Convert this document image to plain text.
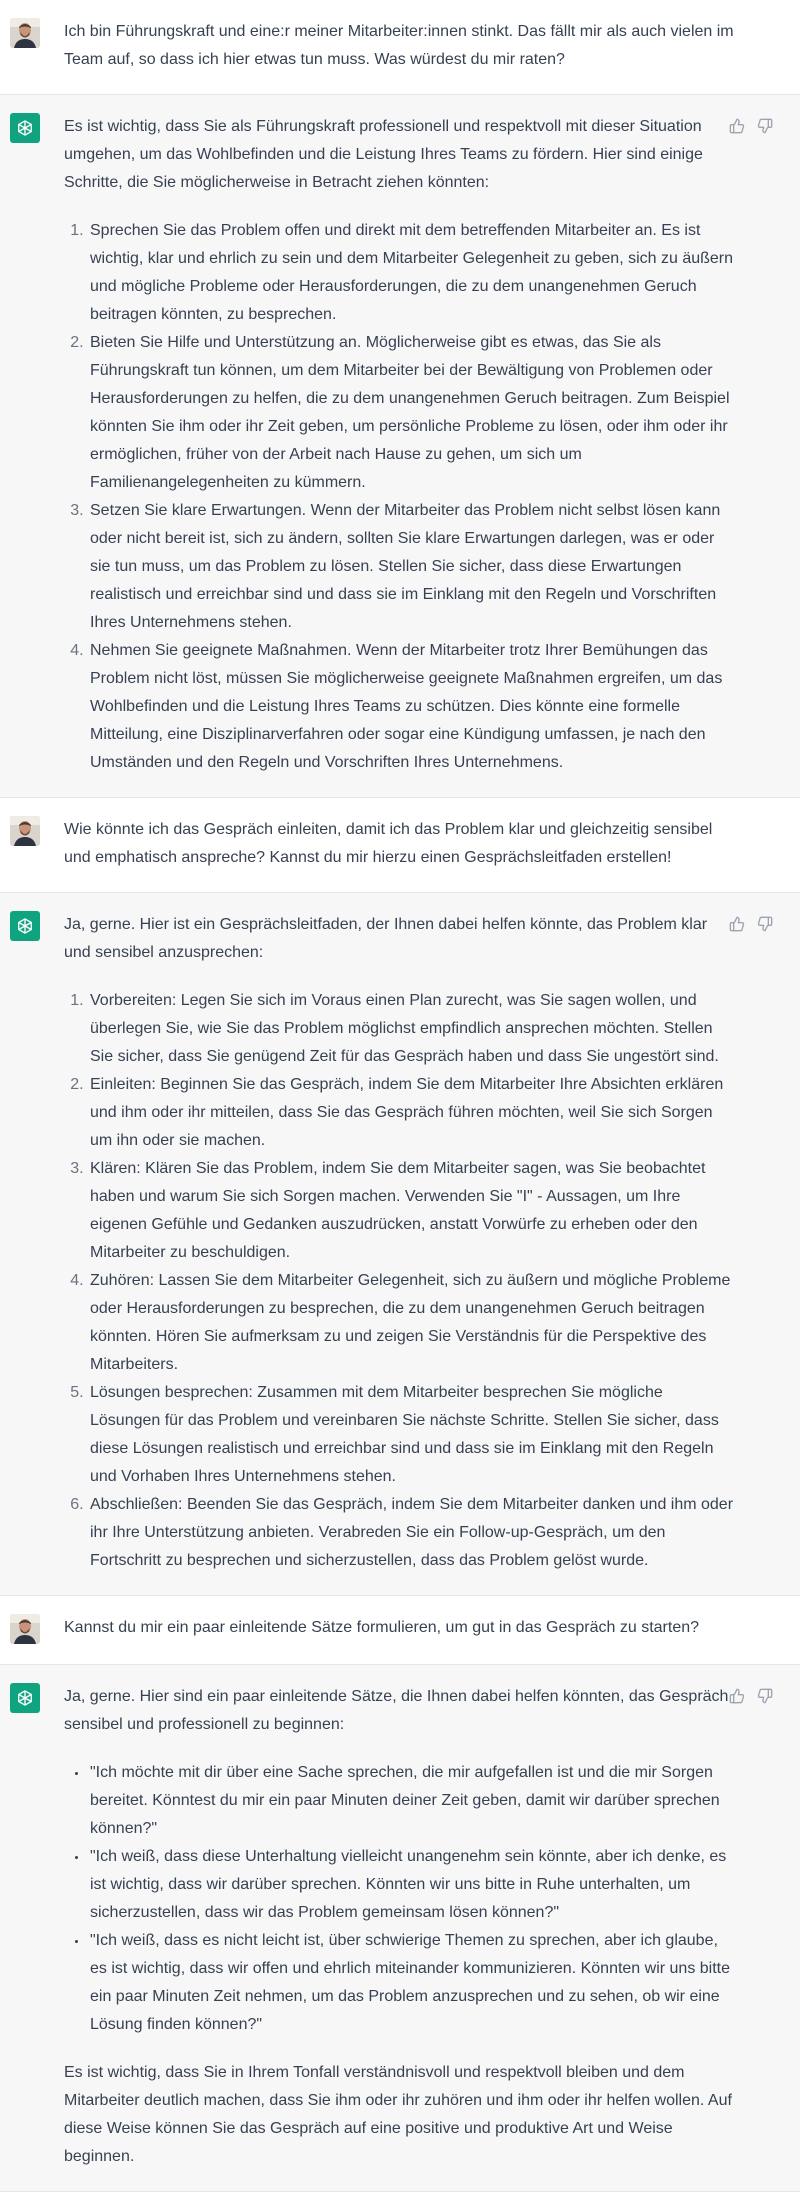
Ich bin Führungskraft und eine:r meiner Mitarbeiter:innen stinkt. Das fällt mir als auch vielen im Team auf, so dass ich hier etwas tun muss. Was würdest du mir raten?

Es ist wichtig, dass Sie als Führungskraft professionell und respektvoll mit dieser Situation umgehen, um das Wohlbefinden und die Leistung Ihres Teams zu fördern. Hier sind einige Schritte, die Sie möglicherweise in Betracht ziehen könnten:

1. Sprechen Sie das Problem offen und direkt mit dem betreffenden Mitarbeiter an. Es ist wichtig, klar und ehrlich zu sein und dem Mitarbeiter Gelegenheit zu geben, sich zu äußern und mögliche Probleme oder Herausforderungen, die zu dem unangenehmen Geruch beitragen könnten, zu besprechen.
2. Bieten Sie Hilfe und Unterstützung an. Möglicherweise gibt es etwas, das Sie als Führungskraft tun können, um dem Mitarbeiter bei der Bewältigung von Problemen oder Herausforderungen zu helfen, die zu dem unangenehmen Geruch beitragen. Zum Beispiel könnten Sie ihm oder ihr Zeit geben, um persönliche Probleme zu lösen, oder ihm oder ihr ermöglichen, früher von der Arbeit nach Hause zu gehen, um sich um Familienangelegenheiten zu kümmern.
3. Setzen Sie klare Erwartungen. Wenn der Mitarbeiter das Problem nicht selbst lösen kann oder nicht bereit ist, sich zu ändern, sollten Sie klare Erwartungen darlegen, was er oder sie tun muss, um das Problem zu lösen. Stellen Sie sicher, dass diese Erwartungen realistisch und erreichbar sind und dass sie im Einklang mit den Regeln und Vorschriften Ihres Unternehmens stehen.
4. Nehmen Sie geeignete Maßnahmen. Wenn der Mitarbeiter trotz Ihrer Bemühungen das Problem nicht löst, müssen Sie möglicherweise geeignete Maßnahmen ergreifen, um das Wohlbefinden und die Leistung Ihres Teams zu schützen. Dies könnte eine formelle Mitteilung, eine Disziplinarverfahren oder sogar eine Kündigung umfassen, je nach den Umständen und den Regeln und Vorschriften Ihres Unternehmens.

Wie könnte ich das Gespräch einleiten, damit ich das Problem klar und gleichzeitig sensibel und emphatisch anspreche? Kannst du mir hierzu einen Gesprächsleitfaden erstellen!

Ja, gerne. Hier ist ein Gesprächsleitfaden, der Ihnen dabei helfen könnte, das Problem klar und sensibel anzusprechen:

1. Vorbereiten: Legen Sie sich im Voraus einen Plan zurecht, was Sie sagen wollen, und überlegen Sie, wie Sie das Problem möglichst empfindlich ansprechen möchten. Stellen Sie sicher, dass Sie genügend Zeit für das Gespräch haben und dass Sie ungestört sind.
2. Einleiten: Beginnen Sie das Gespräch, indem Sie dem Mitarbeiter Ihre Absichten erklären und ihm oder ihr mitteilen, dass Sie das Gespräch führen möchten, weil Sie sich Sorgen um ihn oder sie machen.
3. Klären: Klären Sie das Problem, indem Sie dem Mitarbeiter sagen, was Sie beobachtet haben und warum Sie sich Sorgen machen. Verwenden Sie "I" - Aussagen, um Ihre eigenen Gefühle und Gedanken auszudrücken, anstatt Vorwürfe zu erheben oder den Mitarbeiter zu beschuldigen.
4. Zuhören: Lassen Sie dem Mitarbeiter Gelegenheit, sich zu äußern und mögliche Probleme oder Herausforderungen zu besprechen, die zu dem unangenehmen Geruch beitragen könnten. Hören Sie aufmerksam zu und zeigen Sie Verständnis für die Perspektive des Mitarbeiters.
5. Lösungen besprechen: Zusammen mit dem Mitarbeiter besprechen Sie mögliche Lösungen für das Problem und vereinbaren Sie nächste Schritte. Stellen Sie sicher, dass diese Lösungen realistisch und erreichbar sind und dass sie im Einklang mit den Regeln und Vorhaben Ihres Unternehmens stehen.
6. Abschließen: Beenden Sie das Gespräch, indem Sie dem Mitarbeiter danken und ihm oder ihr Ihre Unterstützung anbieten. Verabreden Sie ein Follow-up-Gespräch, um den Fortschritt zu besprechen und sicherzustellen, dass das Problem gelöst wurde.

Kannst du mir ein paar einleitende Sätze formulieren, um gut in das Gespräch zu starten?

Ja, gerne. Hier sind ein paar einleitende Sätze, die Ihnen dabei helfen könnten, das Gespräch sensibel und professionell zu beginnen:

• "Ich möchte mit dir über eine Sache sprechen, die mir aufgefallen ist und die mir Sorgen bereitet. Könntest du mir ein paar Minuten deiner Zeit geben, damit wir darüber sprechen können?"
• "Ich weiß, dass diese Unterhaltung vielleicht unangenehm sein könnte, aber ich denke, es ist wichtig, dass wir darüber sprechen. Könnten wir uns bitte in Ruhe unterhalten, um sicherzustellen, dass wir das Problem gemeinsam lösen können?"
• "Ich weiß, dass es nicht leicht ist, über schwierige Themen zu sprechen, aber ich glaube, es ist wichtig, dass wir offen und ehrlich miteinander kommunizieren. Könnten wir uns bitte ein paar Minuten Zeit nehmen, um das Problem anzusprechen und zu sehen, ob wir eine Lösung finden können?"

Es ist wichtig, dass Sie in Ihrem Tonfall verständnisvoll und respektvoll bleiben und dem Mitarbeiter deutlich machen, dass Sie ihm oder ihr zuhören und ihm oder ihr helfen wollen. Auf diese Weise können Sie das Gespräch auf eine positive und produktive Art und Weise beginnen.
